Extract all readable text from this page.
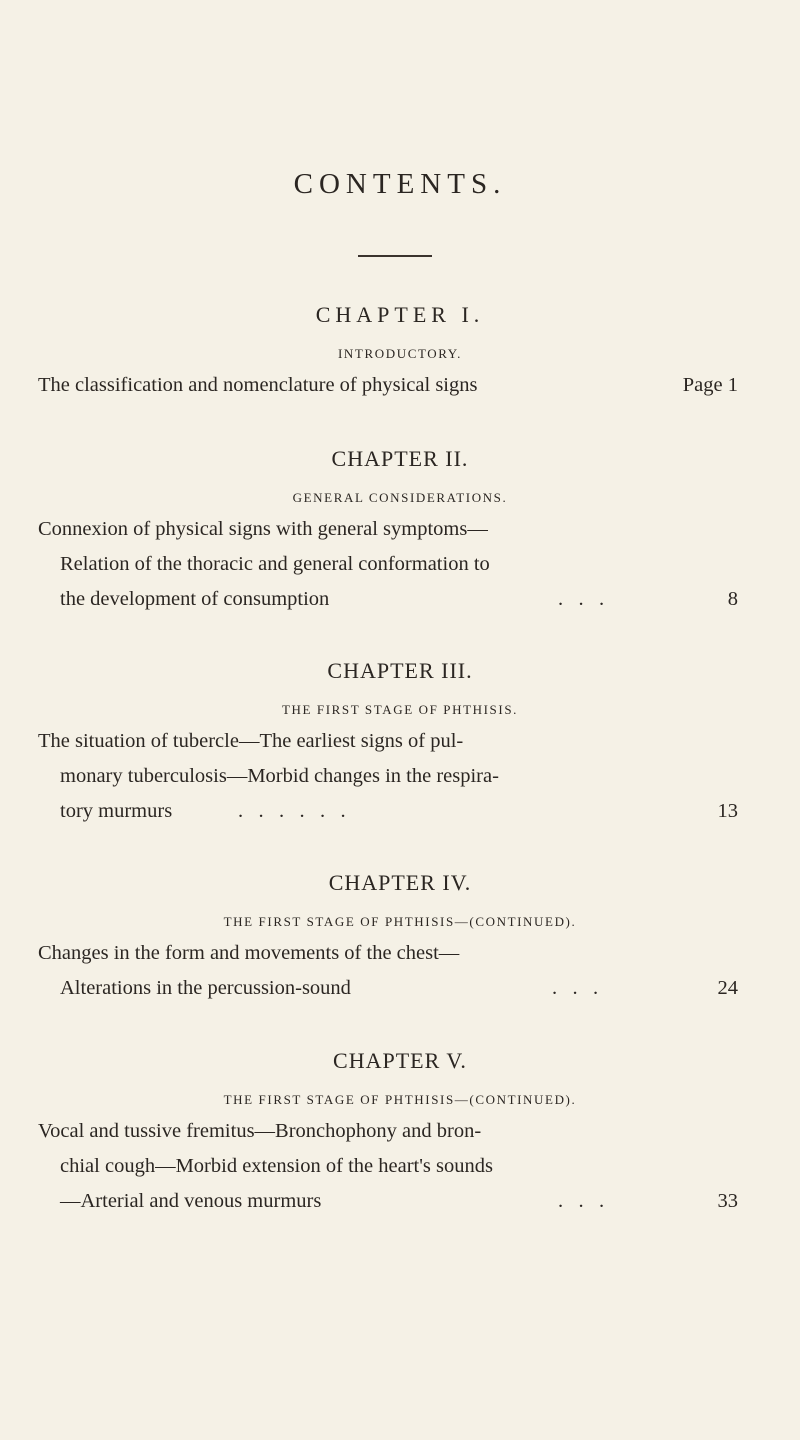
CONTENTS.
CHAPTER I.
INTRODUCTORY.
The classification and nomenclature of physical signs	Page 1
CHAPTER II.
GENERAL CONSIDERATIONS.
Connexion of physical signs with general symptoms—
Relation of the thoracic and general conformation to
the development of consumption	.   .   .	8
CHAPTER III.
THE FIRST STAGE OF PHTHISIS.
The situation of tubercle—The earliest signs of pul-
monary tuberculosis—Morbid changes in the respira-
tory murmurs	.   .   .   .   .   .	13
CHAPTER IV.
THE FIRST STAGE OF PHTHISIS—(CONTINUED).
Changes in the form and movements of the chest—
Alterations in the percussion-sound	.   .   .	24
CHAPTER V.
THE FIRST STAGE OF PHTHISIS—(CONTINUED).
Vocal and tussive fremitus—Bronchophony and bron-
chial cough—Morbid extension of the heart's sounds
—Arterial and venous murmurs	.   .   .	33
